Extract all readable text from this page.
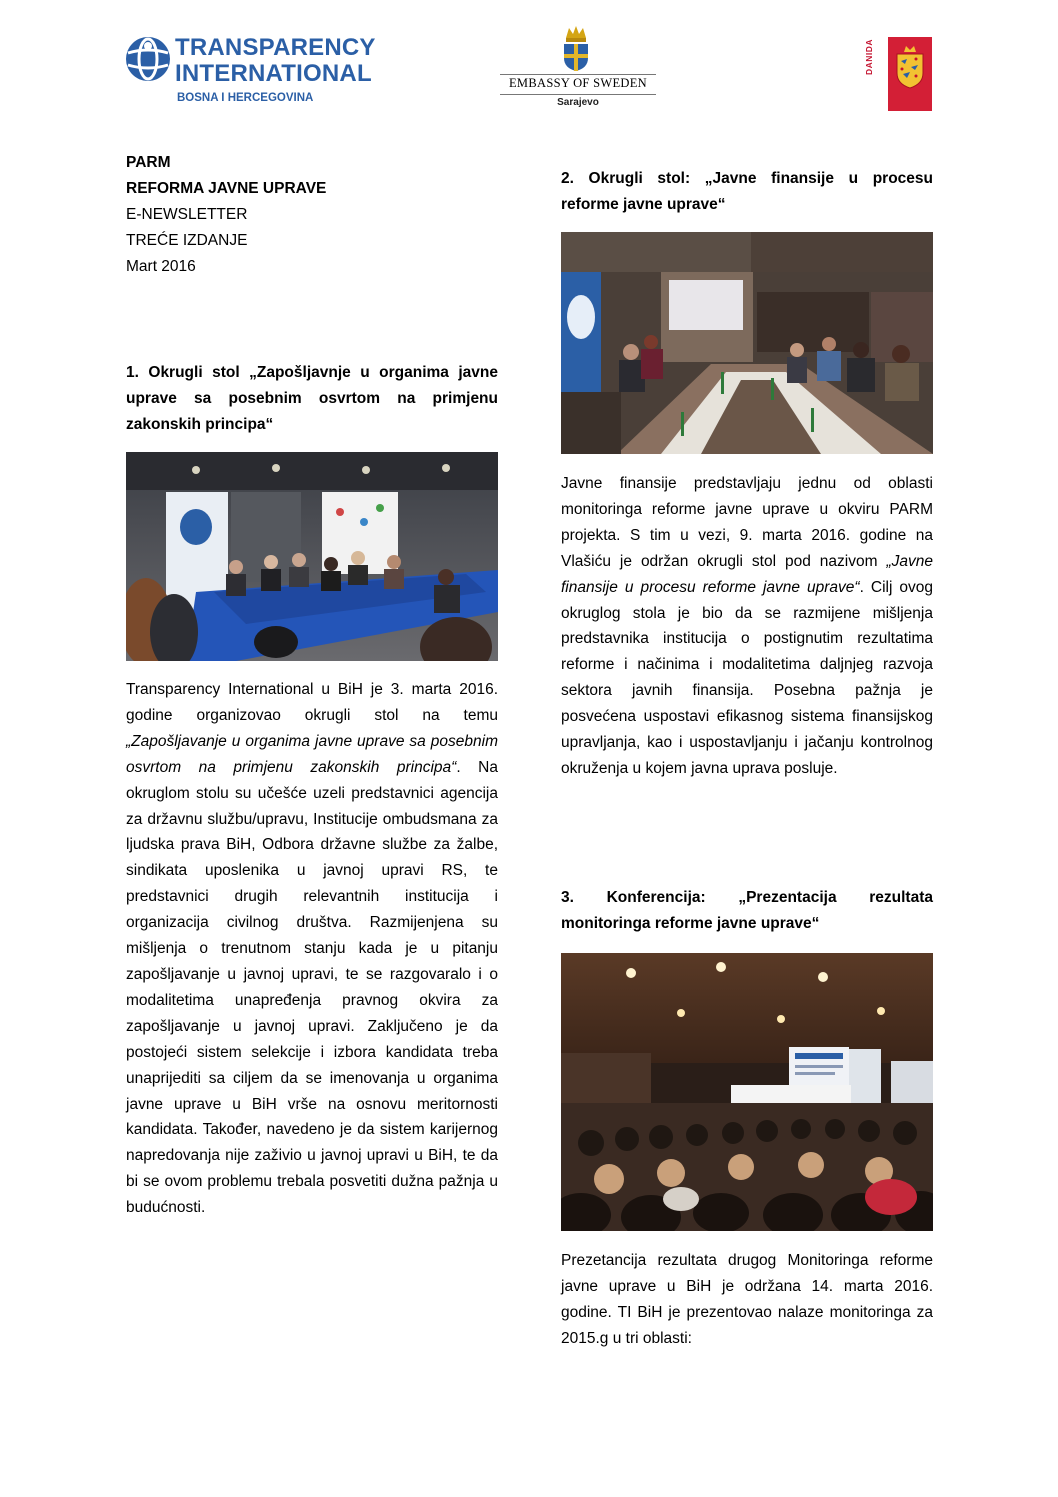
TRANSPARENCY
INTERNATIONAL
BOSNA I HERCEGOVINA
EMBASSY OF SWEDEN
Sarajevo
DANIDA
PARM
REFORMA JAVNE UPRAVE
E-NEWSLETTER
TREĆE IZDANJE
Mart 2016

1. Okrugli stol „Zapošljavnje u organima javne uprave sa posebnim osvrtom na primjenu zakonskih principa“

Transparency International u BiH je 3. marta 2016. godine organizovao okrugli stol na temu „Zapošljavanje u organima javne uprave sa posebnim osvrtom na primjenu zakonskih principa“. Na okruglom stolu su učešće uzeli predstavnici agencija za državnu službu/upravu, Institucije ombudsmana za ljudska prava BiH, Odbora državne službe za žalbe, sindikata uposlenika u javnoj upravi RS, te predstavnici drugih relevantnih institucija i organizacija civilnog društva. Razmijenjena su mišljenja o trenutnom stanju kada je u pitanju zapošljavanje u javnoj upravi, te se razgovaralo i o modalitetima unapređenja pravnog okvira za zapošljavanje u javnoj upravi. Zaključeno je da postojeći sistem selekcije i izbora kandidata treba unaprijediti sa ciljem da se imenovanja u organima javne uprave u BiH vrše na osnovu meritornosti kandidata. Također, navedeno je da sistem karijernog napredovanja nije zaživio u javnoj upravi u BiH, te da bi se ovom problemu trebala posvetiti dužna pažnja u budućnosti.

2. Okrugli stol: „Javne finansije u procesu reforme javne uprave“

Javne finansije predstavljaju jednu od oblasti monitoringa reforme javne uprave u okviru PARM projekta. S tim u vezi, 9. marta 2016. godine na Vlašiću je održan okrugli stol pod nazivom „Javne finansije u procesu reforme javne uprave“. Cilj ovog okruglog stola je bio da se razmijene mišljenja predstavnika institucija o postignutim rezultatima reforme i načinima i modalitetima daljnjeg razvoja sektora javnih finansija. Posebna pažnja je posvećena uspostavi efikasnog sistema finansijskog upravljanja, kao i uspostavljanju i jačanju kontrolnog okruženja u kojem javna uprava posluje.

3. Konferencija: „Prezentacija rezultata monitoringa reforme javne uprave“

Prezetancija rezultata drugog Monitoringa reforme javne uprave u BiH je održana 14. marta 2016. godine. TI BiH je prezentovao nalaze monitoringa za 2015.g u tri oblasti:
